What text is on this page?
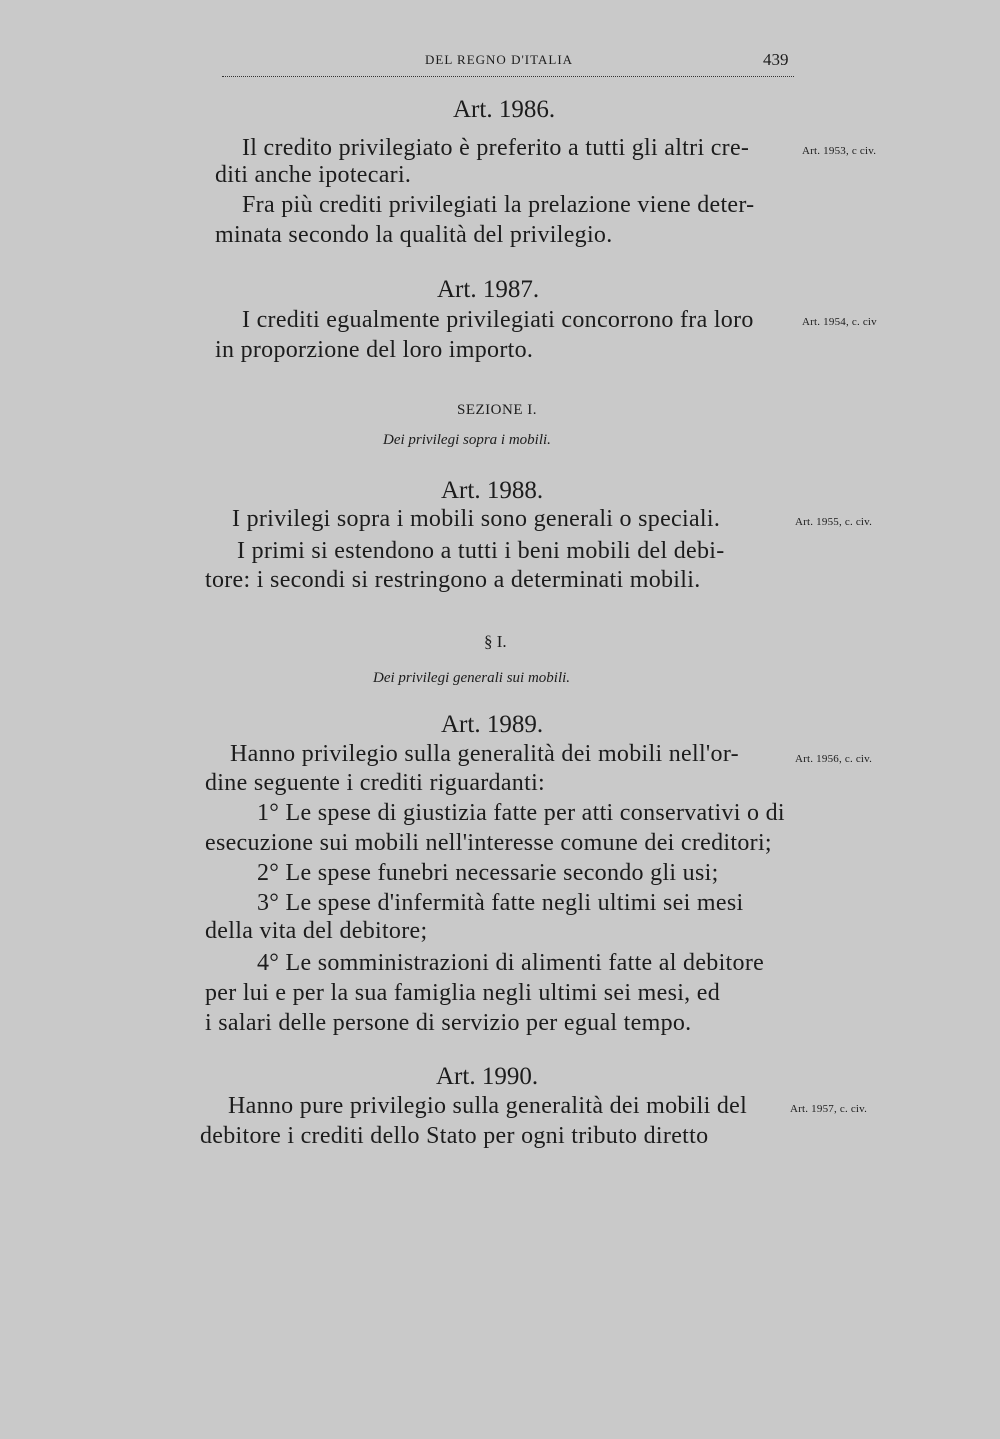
DEL REGNO D'ITALIA	439
Art. 1986.
Il credito privilegiato è preferito a tutti gli altri cre-
diti anche ipotecari.
Fra più crediti privilegiati la prelazione viene deter-
minata secondo la qualità del privilegio.
Art. 1953, c civ.
Art. 1987.
I crediti egualmente privilegiati concorrono fra loro
in proporzione del loro importo.
Art. 1954, c. civ
SEZIONE I.
Dei privilegi sopra i mobili.
Art. 1988.
I privilegi sopra i mobili sono generali o speciali.
I primi si estendono a tutti i beni mobili del debi-
tore: i secondi si restringono a determinati mobili.
Art. 1955, c. civ.
§ I.
Dei privilegi generali sui mobili.
Art. 1989.
Hanno privilegio sulla generalità dei mobili nell'or-
dine seguente i crediti riguardanti:
1° Le spese di giustizia fatte per atti conservativi o di
esecuzione sui mobili nell'interesse comune dei creditori;
2° Le spese funebri necessarie secondo gli usi;
3° Le spese d'infermità fatte negli ultimi sei mesi
della vita del debitore;
4° Le somministrazioni di alimenti fatte al debitore
per lui e per la sua famiglia negli ultimi sei mesi, ed
i salari delle persone di servizio per egual tempo.
Art. 1956, c. civ.
Art. 1990.
Hanno pure privilegio sulla generalità dei mobili del
debitore i crediti dello Stato per ogni tributo diretto
Art. 1957, c. civ.
